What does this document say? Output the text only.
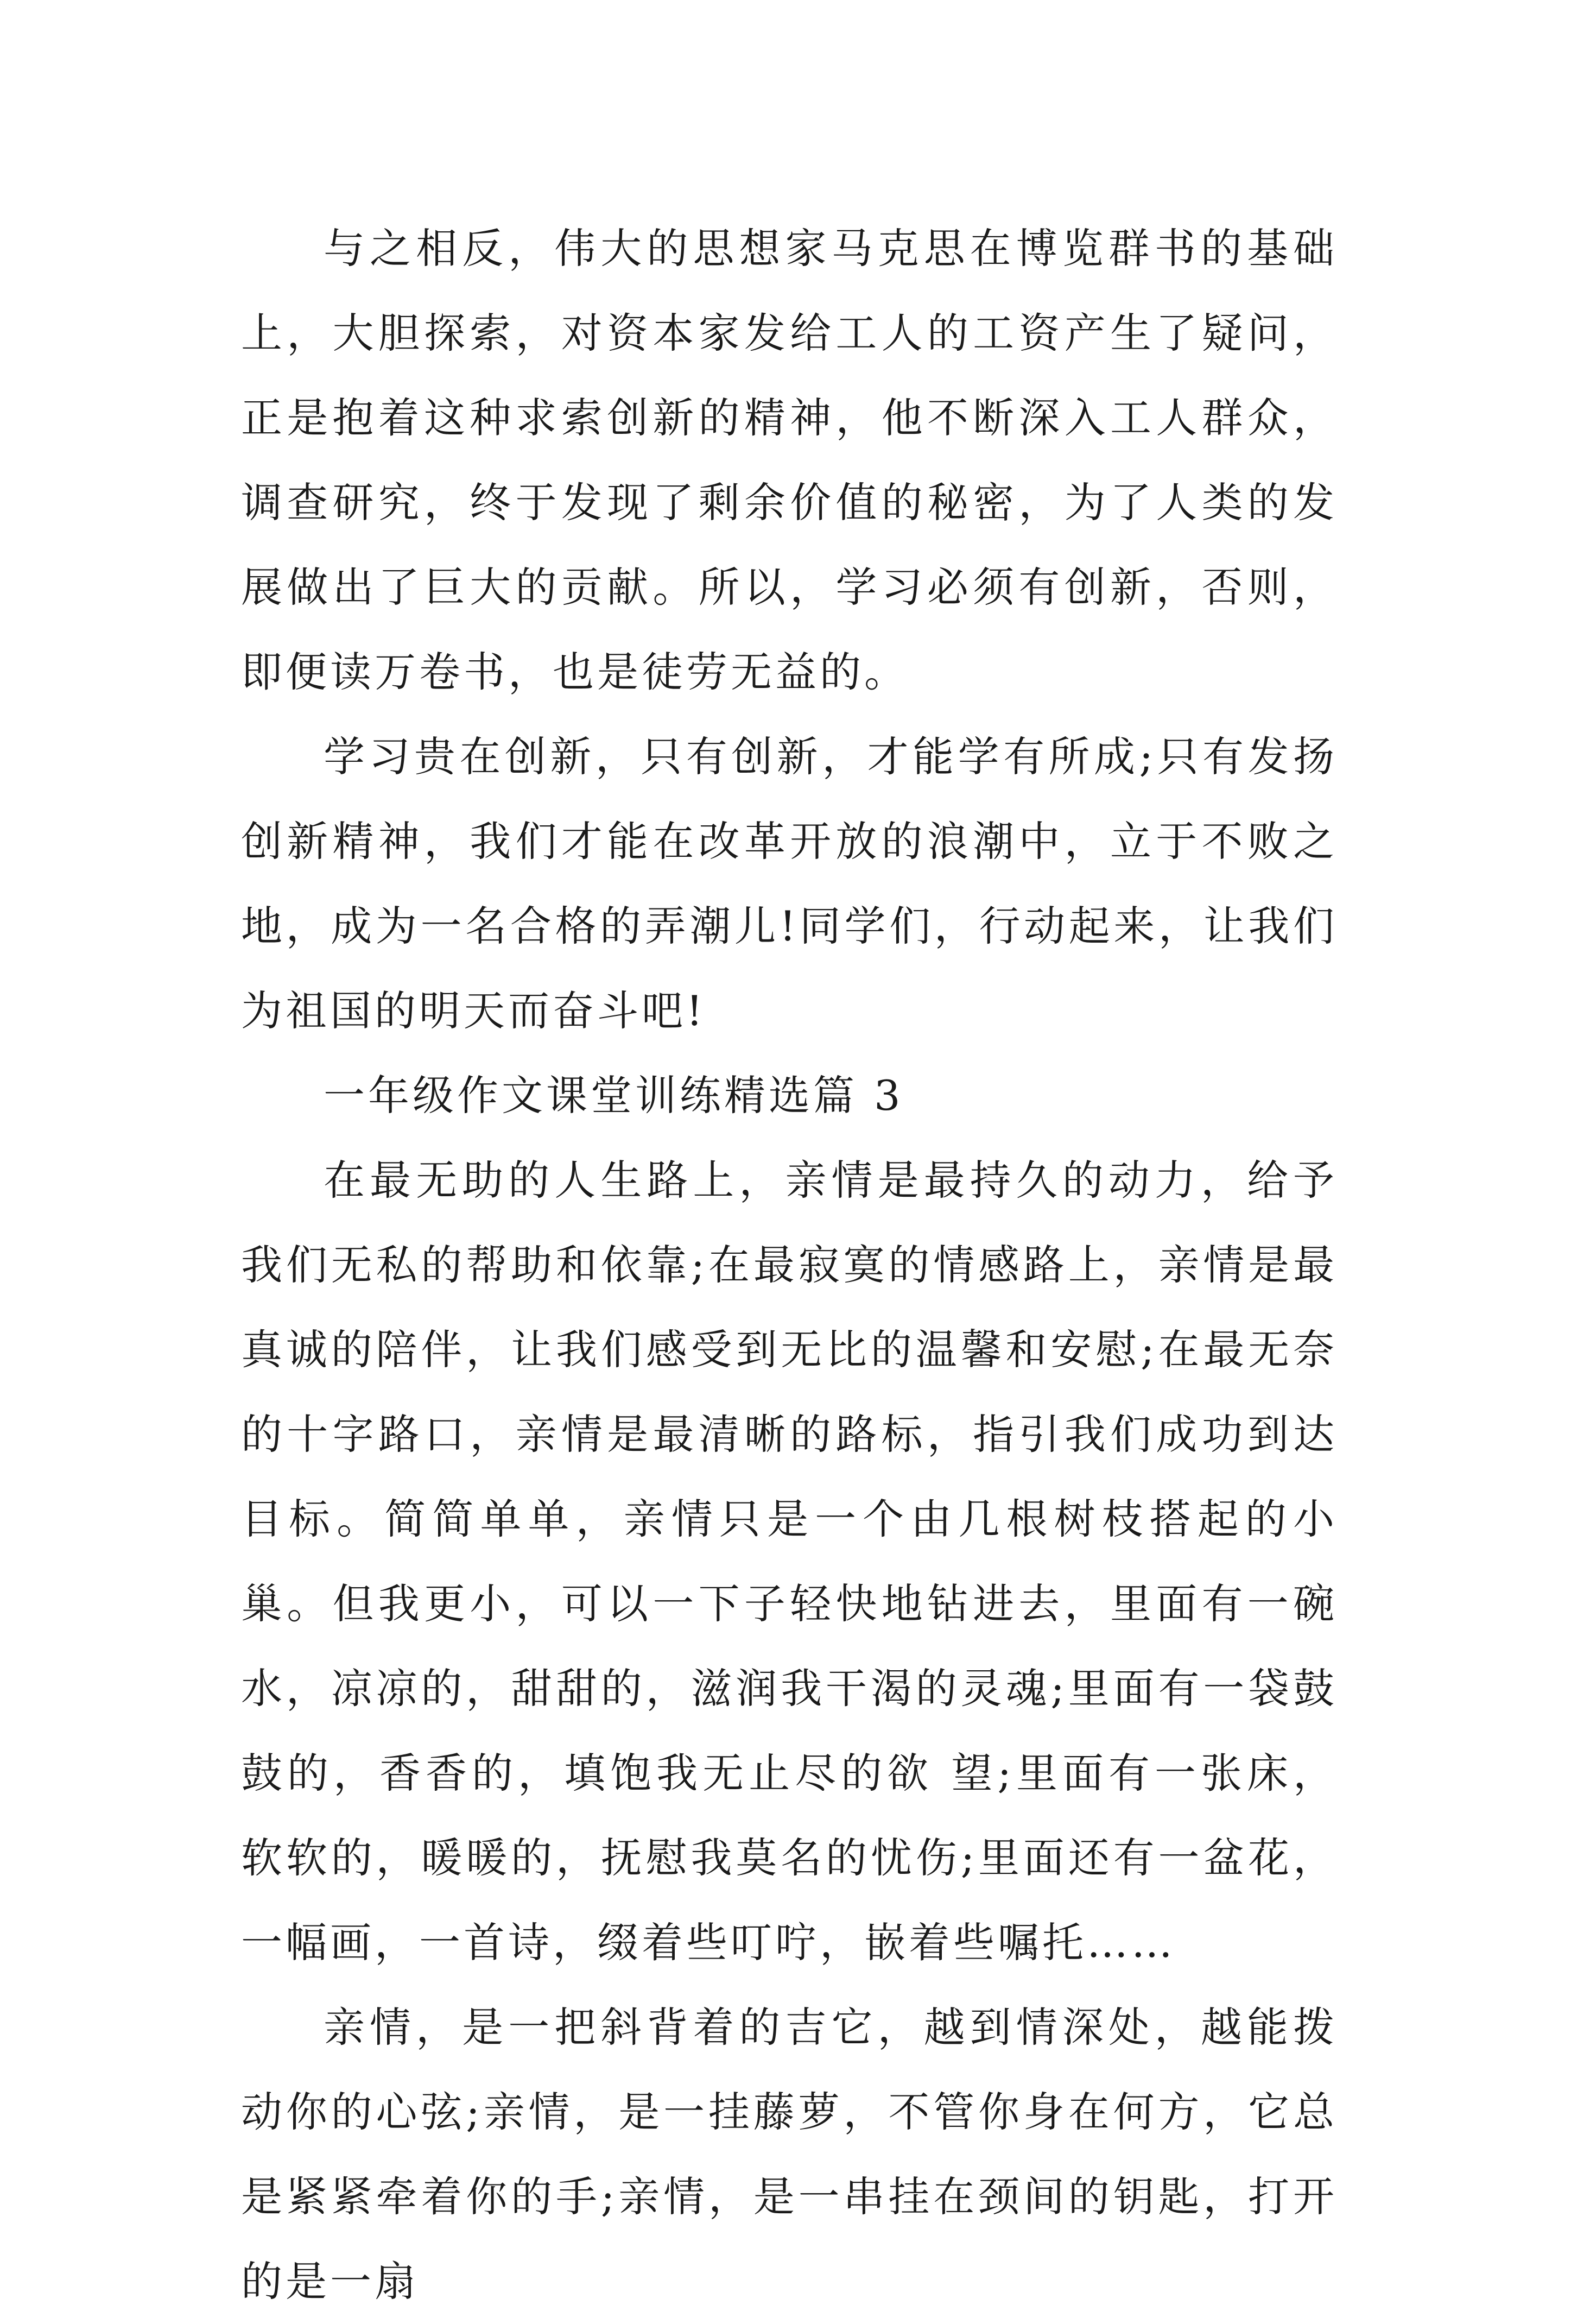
与之相反，伟大的思想家马克思在博览群书的基础上，大胆探索，对资本家发给工人的工资产生了疑问，正是抱着这种求索创新的精神，他不断深入工人群众，调查研究，终于发现了剩余价值的秘密，为了人类的发展做出了巨大的贡献。所以，学习必须有创新，否则，即便读万卷书，也是徒劳无益的。

学习贵在创新，只有创新，才能学有所成;只有发扬创新精神，我们才能在改革开放的浪潮中，立于不败之地，成为一名合格的弄潮儿!同学们，行动起来，让我们为祖国的明天而奋斗吧!

一年级作文课堂训练精选篇 3

在最无助的人生路上，亲情是最持久的动力，给予我们无私的帮助和依靠;在最寂寞的情感路上，亲情是最真诚的陪伴，让我们感受到无比的温馨和安慰;在最无奈的十字路口，亲情是最清晰的路标，指引我们成功到达目标。简简单单，亲情只是一个由几根树枝搭起的小巢。但我更小，可以一下子轻快地钻进去，里面有一碗水，凉凉的，甜甜的，滋润我干渴的灵魂;里面有一袋鼓鼓的，香香的，填饱我无止尽的欲 望;里面有一张床，软软的，暖暖的，抚慰我莫名的忧伤;里面还有一盆花，一幅画，一首诗，缀着些叮咛，嵌着些嘱托……

亲情，是一把斜背着的吉它，越到情深处，越能拨动你的心弦;亲情，是一挂藤萝，不管你身在何方，它总是紧紧牵着你的手;亲情，是一串挂在颈间的钥匙，打开的是一扇
